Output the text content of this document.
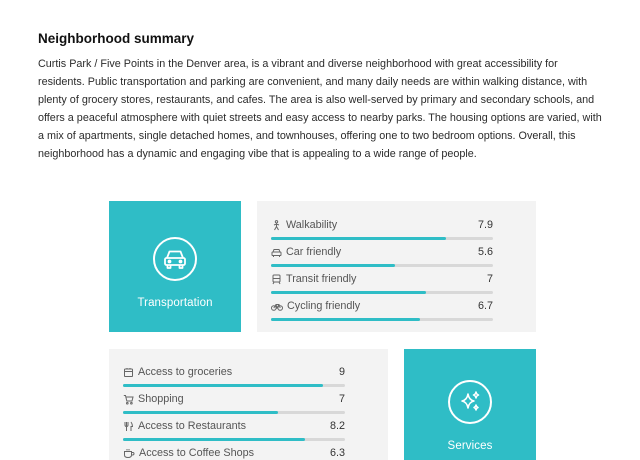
Neighborhood summary

Curtis Park / Five Points in the Denver area, is a vibrant and diverse neighborhood with great accessibility for residents. Public transportation and parking are convenient, and many daily needs are within walking distance, with plenty of grocery stores, restaurants, and cafes. The area is also well-served by primary and secondary schools, and offers a peaceful atmosphere with quiet streets and easy access to nearby parks. The housing options are varied, with a mix of apartments, single detached homes, and townhouses, offering one to two bedroom options. Overall, this neighborhood has a dynamic and engaging vibe that is appealing to a wide range of people.

Transportation
Walkability	7.9
Car friendly	5.6
Transit friendly	7
Cycling friendly	6.7
Access to groceries	9
Shopping	7
Access to Restaurants	8.2
Access to Coffee Shops	6.3
Services
